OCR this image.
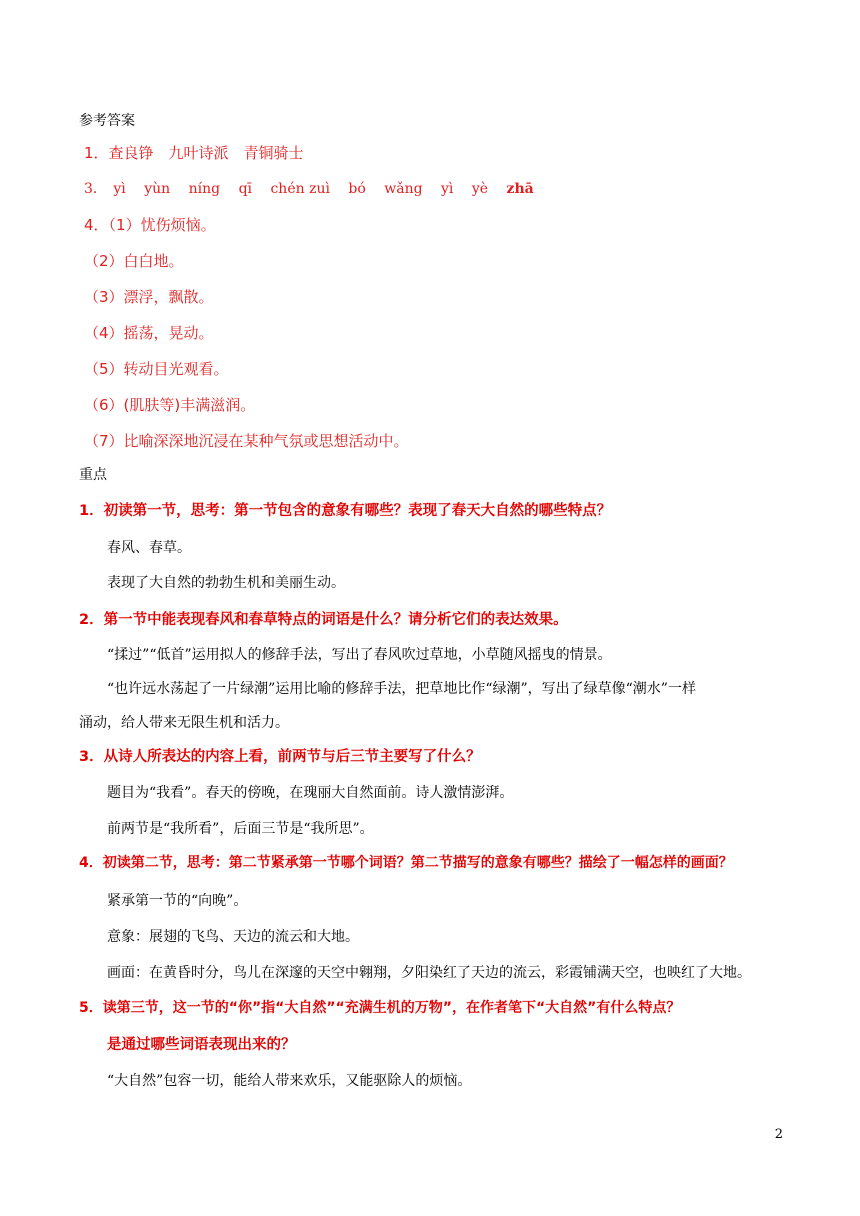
参考答案
1．查良铮　九叶诗派　青铜骑士
3． yì yùn níng qī chén zuì bó wǎng yì yè zhā
4．（1）忧伤烦恼。
（2）白白地。
（3）漂浮，飘散。
（4）摇荡，晃动。
（5）转动目光观看。
（6）(肌肤等)丰满滋润。
（7）比喻深深地沉浸在某种气氛或思想活动中。
重点
1．初读第一节，思考：第一节包含的意象有哪些？表现了春天大自然的哪些特点？
春风、春草。
表现了大自然的勃勃生机和美丽生动。
2．第一节中能表现春风和春草特点的词语是什么？请分析它们的表达效果。
“揉过”“低首”运用拟人的修辞手法，写出了春风吹过草地，小草随风摇曳的情景。
“也许远水荡起了一片绿潮”运用比喻的修辞手法，把草地比作“绿潮”，写出了绿草像“潮水”一样
涌动，给人带来无限生机和活力。
3．从诗人所表达的内容上看，前两节与后三节主要写了什么？
题目为“我看”。春天的傍晚，在瑰丽大自然面前。诗人激情澎湃。
前两节是“我所看”，后面三节是“我所思”。
4．初读第二节，思考：第二节紧承第一节哪个词语？第二节描写的意象有哪些？描绘了一幅怎样的画面？
紧承第一节的“向晚”。
意象：展翅的飞鸟、天边的流云和大地。
画面：在黄昏时分，鸟儿在深邃的天空中翱翔，夕阳染红了天边的流云，彩霞铺满天空，也映红了大地。
5．读第三节，这一节的“你”指“大自然”“充满生机的万物”，在作者笔下“大自然”有什么特点？
是通过哪些词语表现出来的？
“大自然”包容一切，能给人带来欢乐，又能驱除人的烦恼。
2
